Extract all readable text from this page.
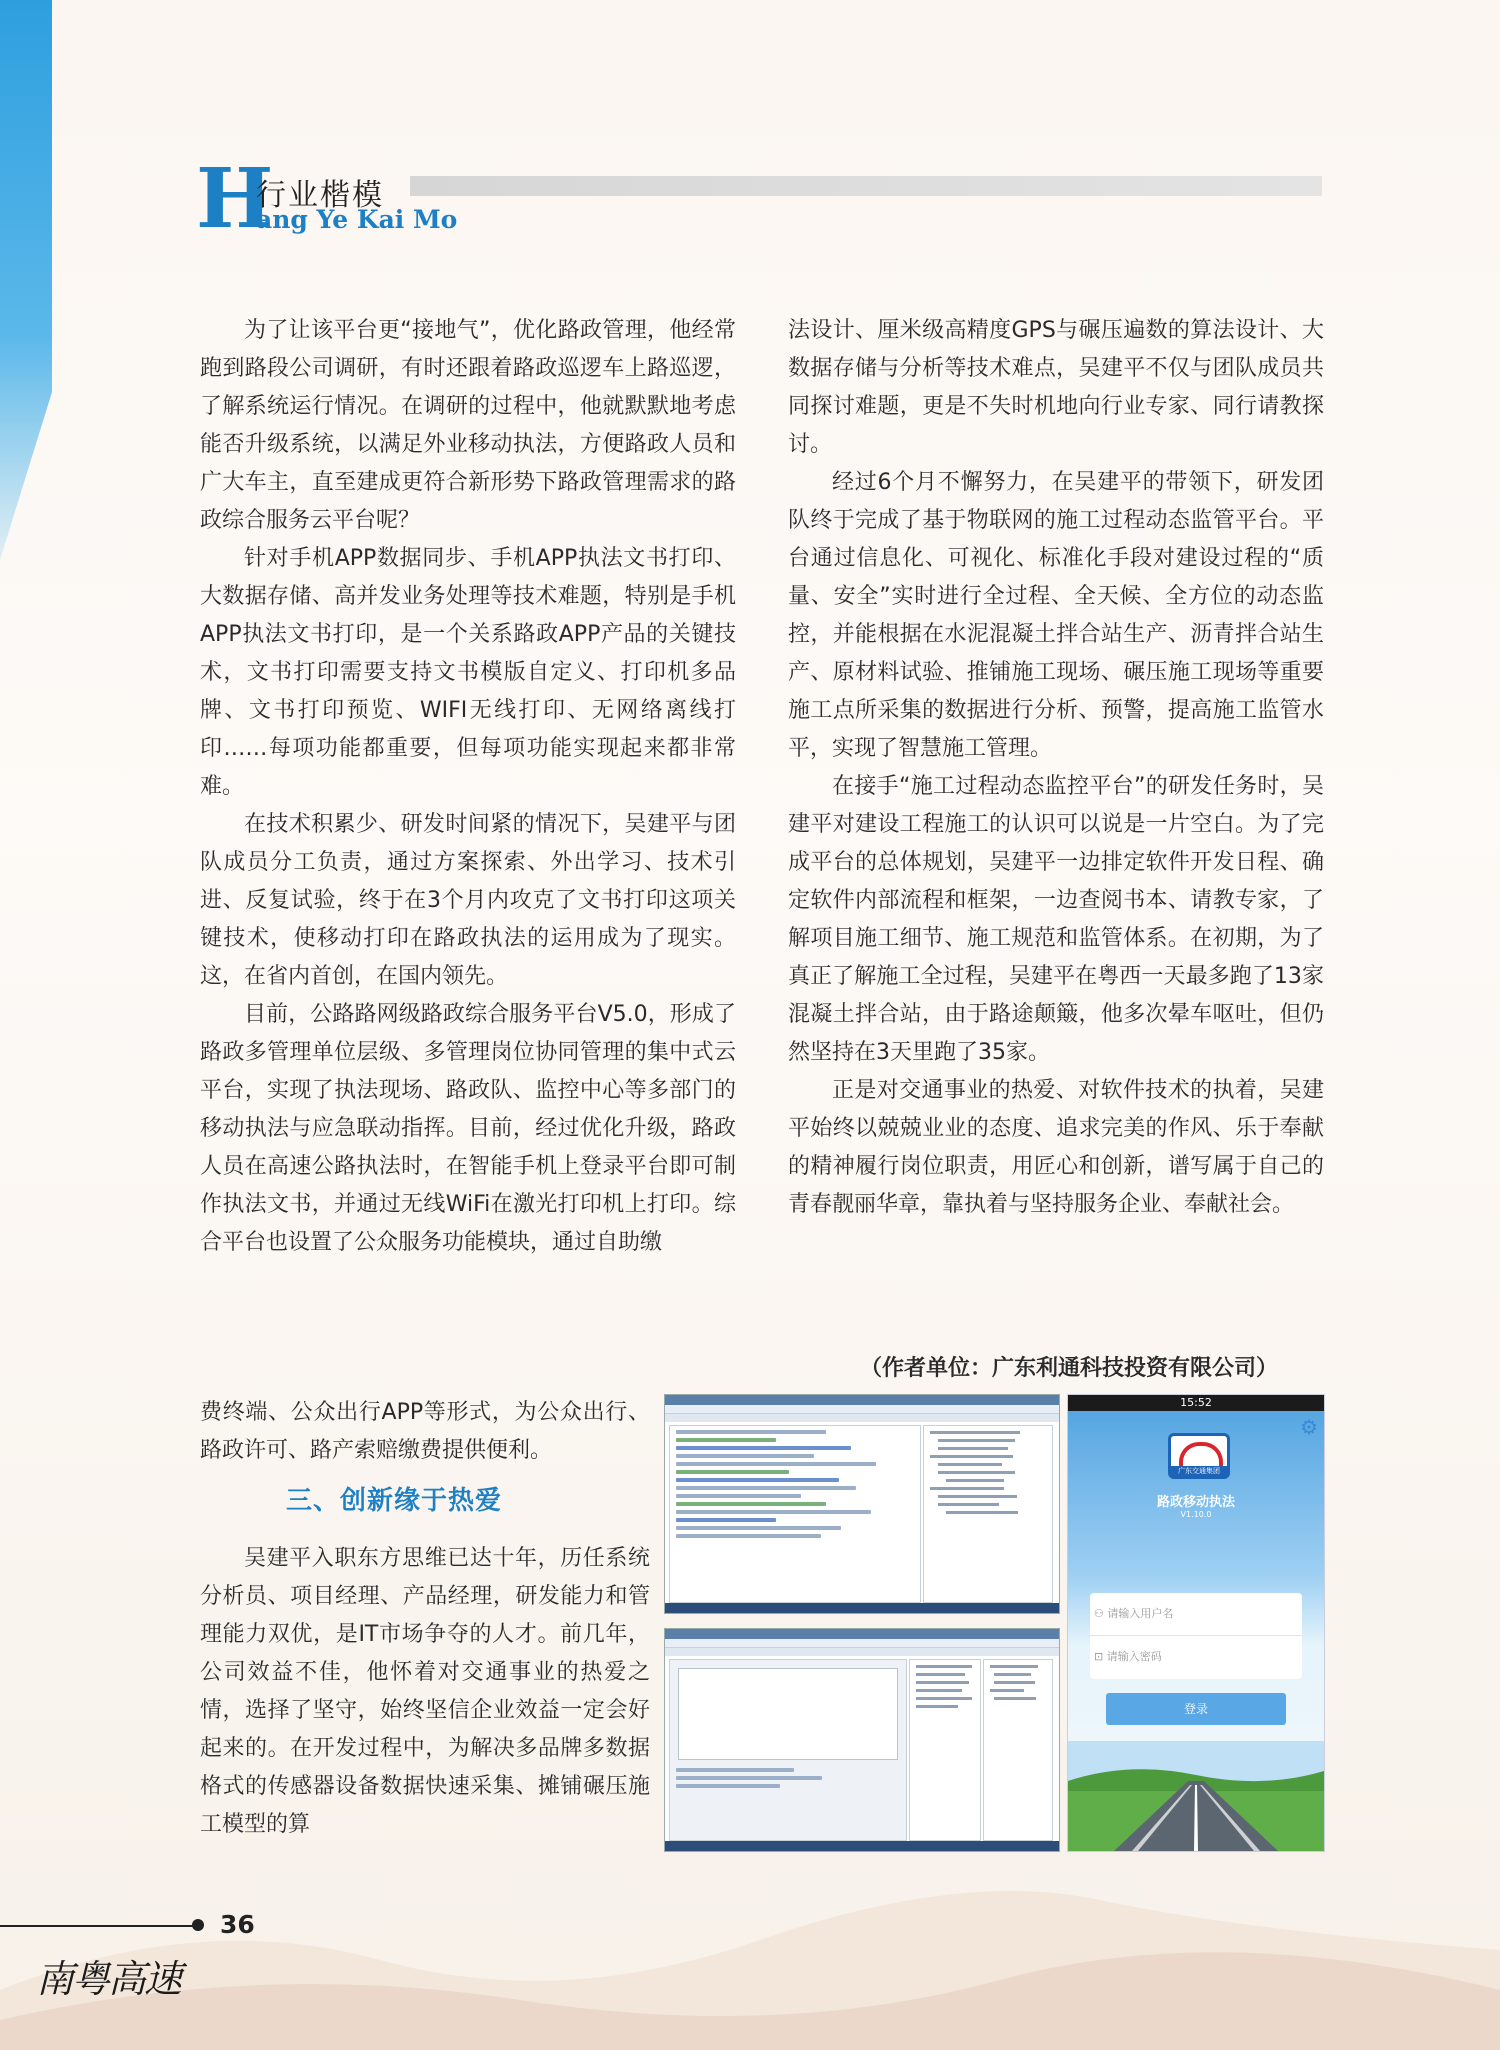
H
行业楷模
ang Ye Kai Mo

为了让该平台更“接地气”，优化路政管理，他经常跑到路段公司调研，有时还跟着路政巡逻车上路巡逻，了解系统运行情况。在调研的过程中，他就默默地考虑能否升级系统，以满足外业移动执法，方便路政人员和广大车主，直至建成更符合新形势下路政管理需求的路政综合服务云平台呢？

针对手机APP数据同步、手机APP执法文书打印、大数据存储、高并发业务处理等技术难题，特别是手机APP执法文书打印，是一个关系路政APP产品的关键技术，文书打印需要支持文书模版自定义、打印机多品牌、文书打印预览、WIFI无线打印、无网络离线打印……每项功能都重要，但每项功能实现起来都非常难。

在技术积累少、研发时间紧的情况下，吴建平与团队成员分工负责，通过方案探索、外出学习、技术引进、反复试验，终于在3个月内攻克了文书打印这项关键技术，使移动打印在路政执法的运用成为了现实。这，在省内首创，在国内领先。

目前，公路路网级路政综合服务平台V5.0，形成了路政多管理单位层级、多管理岗位协同管理的集中式云平台，实现了执法现场、路政队、监控中心等多部门的移动执法与应急联动指挥。目前，经过优化升级，路政人员在高速公路执法时，在智能手机上登录平台即可制作执法文书，并通过无线WiFi在激光打印机上打印。综合平台也设置了公众服务功能模块，通过自助缴

费终端、公众出行APP等形式，为公众出行、路政许可、路产索赔缴费提供便利。

三、创新缘于热爱

吴建平入职东方思维已达十年，历任系统分析员、项目经理、产品经理，研发能力和管理能力双优，是IT市场争夺的人才。前几年，公司效益不佳，他怀着对交通事业的热爱之情，选择了坚守，始终坚信企业效益一定会好起来的。在开发过程中，为解决多品牌多数据格式的传感器设备数据快速采集、摊铺碾压施工模型的算

法设计、厘米级高精度GPS与碾压遍数的算法设计、大数据存储与分析等技术难点，吴建平不仅与团队成员共同探讨难题，更是不失时机地向行业专家、同行请教探讨。

经过6个月不懈努力，在吴建平的带领下，研发团队终于完成了基于物联网的施工过程动态监管平台。平台通过信息化、可视化、标准化手段对建设过程的“质量、安全”实时进行全过程、全天候、全方位的动态监控，并能根据在水泥混凝土拌合站生产、沥青拌合站生产、原材料试验、推铺施工现场、碾压施工现场等重要施工点所采集的数据进行分析、预警，提高施工监管水平，实现了智慧施工管理。

在接手“施工过程动态监控平台”的研发任务时，吴建平对建设工程施工的认识可以说是一片空白。为了完成平台的总体规划，吴建平一边排定软件开发日程、确定软件内部流程和框架，一边查阅书本、请教专家，了解项目施工细节、施工规范和监管体系。在初期，为了真正了解施工全过程，吴建平在粤西一天最多跑了13家混凝土拌合站，由于路途颠簸，他多次晕车呕吐，但仍然坚持在3天里跑了35家。

正是对交通事业的热爱、对软件技术的执着，吴建平始终以兢兢业业的态度、追求完美的作风、乐于奉献的精神履行岗位职责，用匠心和创新，谱写属于自己的青春靓丽华章，靠执着与坚持服务企业、奉献社会。

（作者单位：广东利通科技投资有限公司）
15:52
⚙
广东交通集团
路政移动执法
V1.10.0
⚇ 请输入用户名
⊡ 请输入密码
登录
36
南粤高速
